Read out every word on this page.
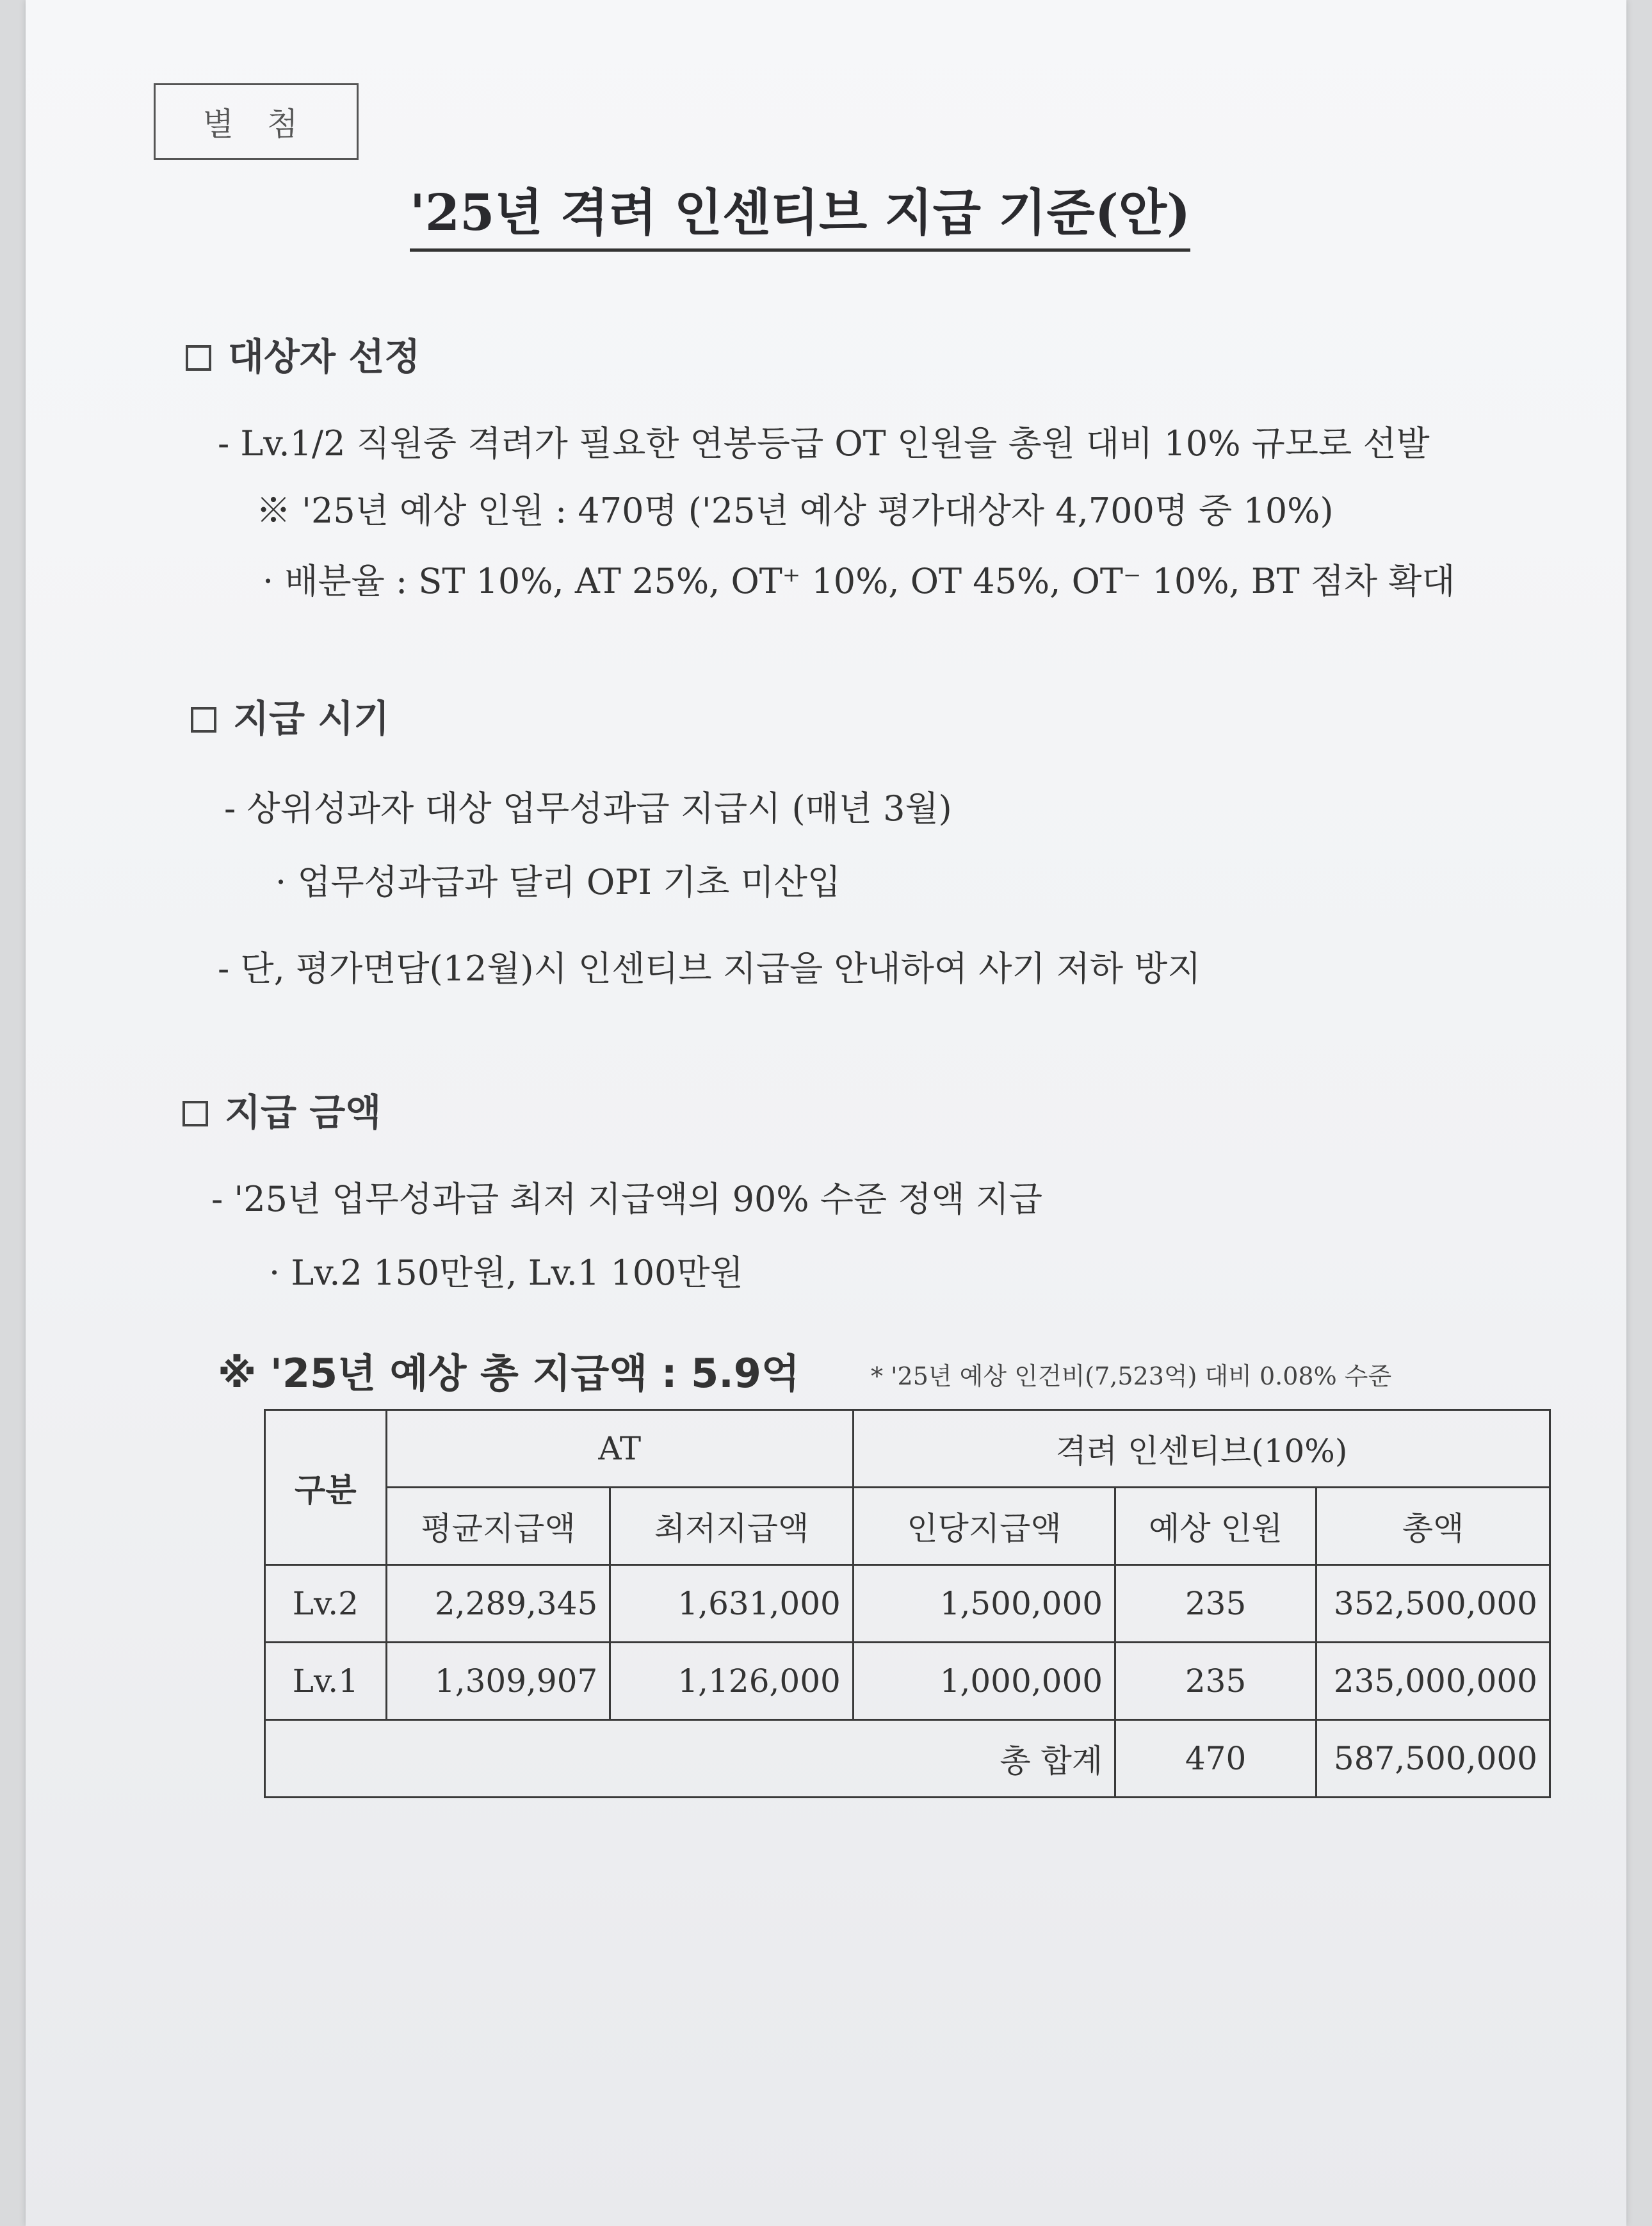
별 첨
'25년 격려 인센티브 지급 기준(안)
대상자 선정
- Lv.1/2 직원중 격려가 필요한 연봉등급 OT 인원을 총원 대비 10% 규모로 선발
※ '25년 예상 인원 : 470명 ('25년 예상 평가대상자 4,700명 중 10%)
· 배분율 : ST 10%, AT 25%, OT⁺ 10%, OT 45%, OT⁻ 10%, BT 점차 확대
지급 시기
- 상위성과자 대상 업무성과급 지급시 (매년 3월)
· 업무성과급과 달리 OPI 기초 미산입
- 단, 평가면담(12월)시 인센티브 지급을 안내하여 사기 저하 방지
지급 금액
- '25년 업무성과급 최저 지급액의 90% 수준 정액 지급
· Lv.2 150만원, Lv.1 100만원
※ '25년 예상 총 지급액 : 5.9억	* '25년 예상 인건비(7,523억) 대비 0.08% 수준
구분	AT		격려 인센티브(10%)		
	평균지급액	최저지급액	인당지급액	예상 인원	총액
Lv.2	2,289,345	1,631,000	1,500,000	235	352,500,000
Lv.1	1,309,907	1,126,000	1,000,000	235	235,000,000
총 합계				470	587,500,000
